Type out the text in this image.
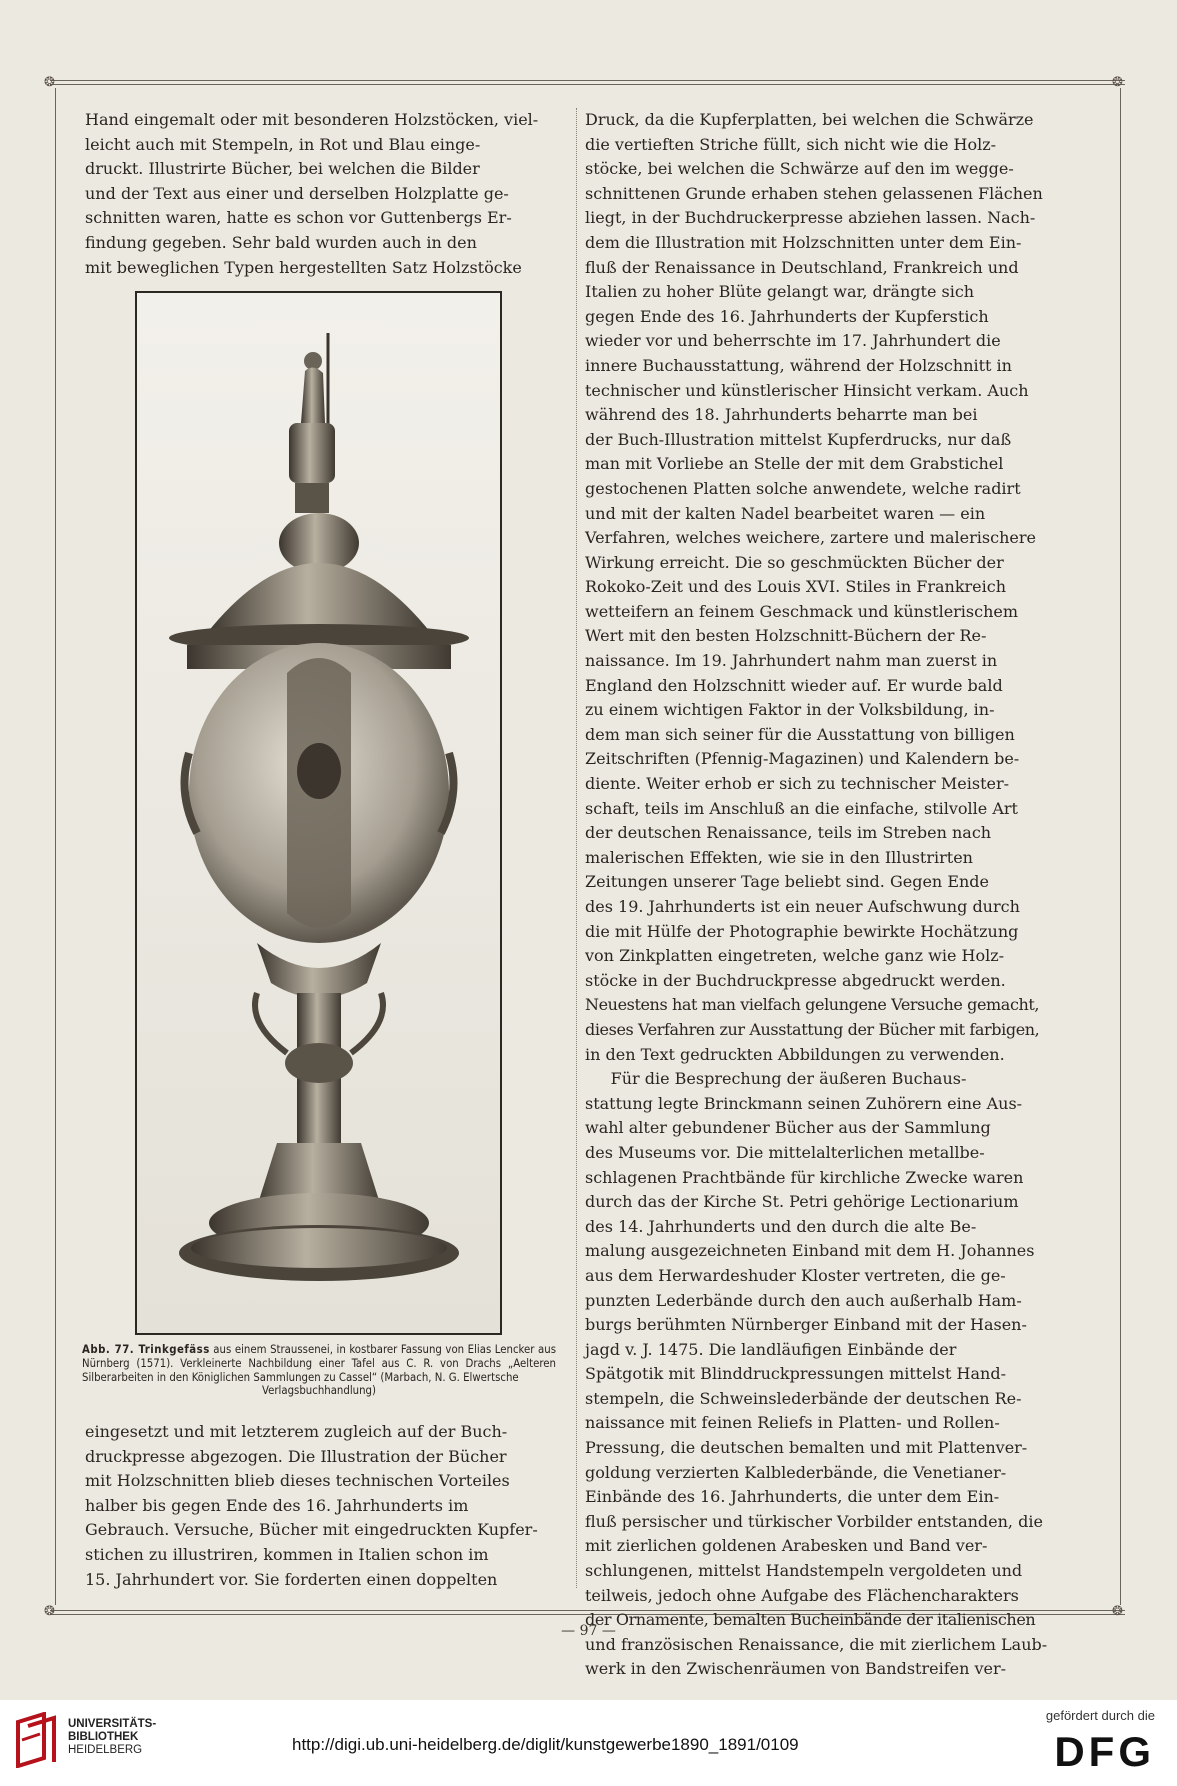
❂	❂
❂	❂
Hand eingemalt oder mit besonderen Holzstöcken, viel-
leicht auch mit Stempeln, in Rot und Blau einge-
druckt. Illustrirte Bücher, bei welchen die Bilder
und der Text aus einer und derselben Holzplatte ge-
schnitten waren, hatte es schon vor Guttenbergs Er-
findung gegeben. Sehr bald wurden auch in den
mit beweglichen Typen hergestellten Satz Holzstöcke
Abb. 77. Trinkgefäss aus einem Straussenei, in kostbarer Fassung von Elias Lencker aus Nürnberg (1571). Verkleinerte Nachbildung einer Tafel aus C. R. von Drachs „Aelteren Silberarbeiten in den Königlichen Sammlungen zu Cassel“ (Marbach, N. G. Elwertsche
Verlagsbuchhandlung)
eingesetzt und mit letzterem zugleich auf der Buch-
druckpresse abgezogen. Die Illustration der Bücher
mit Holzschnitten blieb dieses technischen Vorteiles
halber bis gegen Ende des 16. Jahrhunderts im
Gebrauch. Versuche, Bücher mit eingedruckten Kupfer-
stichen zu illustriren, kommen in Italien schon im
15. Jahrhundert vor. Sie forderten einen doppelten
Druck, da die Kupferplatten, bei welchen die Schwärze
die vertieften Striche füllt, sich nicht wie die Holz-
stöcke, bei welchen die Schwärze auf den im wegge-
schnittenen Grunde erhaben stehen gelassenen Flächen
liegt, in der Buchdruckerpresse abziehen lassen. Nach-
dem die Illustration mit Holzschnitten unter dem Ein-
fluß der Renaissance in Deutschland, Frankreich und
Italien zu hoher Blüte gelangt war, drängte sich
gegen Ende des 16. Jahrhunderts der Kupferstich
wieder vor und beherrschte im 17. Jahrhundert die
innere Buchausstattung, während der Holzschnitt in
technischer und künstlerischer Hinsicht verkam. Auch
während des 18. Jahrhunderts beharrte man bei
der Buch-Illustration mittelst Kupferdrucks, nur daß
man mit Vorliebe an Stelle der mit dem Grabstichel
gestochenen Platten solche anwendete, welche radirt
und mit der kalten Nadel bearbeitet waren — ein
Verfahren, welches weichere, zartere und malerischere
Wirkung erreicht. Die so geschmückten Bücher der
Rokoko-Zeit und des Louis XVI. Stiles in Frankreich
wetteifern an feinem Geschmack und künstlerischem
Wert mit den besten Holzschnitt-Büchern der Re-
naissance. Im 19. Jahrhundert nahm man zuerst in
England den Holzschnitt wieder auf. Er wurde bald
zu einem wichtigen Faktor in der Volksbildung, in-
dem man sich seiner für die Ausstattung von billigen
Zeitschriften (Pfennig-Magazinen) und Kalendern be-
diente. Weiter erhob er sich zu technischer Meister-
schaft, teils im Anschluß an die einfache, stilvolle Art
der deutschen Renaissance, teils im Streben nach
malerischen Effekten, wie sie in den Illustrirten
Zeitungen unserer Tage beliebt sind. Gegen Ende
des 19. Jahrhunderts ist ein neuer Aufschwung durch
die mit Hülfe der Photographie bewirkte Hochätzung
von Zinkplatten eingetreten, welche ganz wie Holz-
stöcke in der Buchdruckpresse abgedruckt werden.
Neuestens hat man vielfach gelungene Versuche gemacht,
dieses Verfahren zur Ausstattung der Bücher mit farbigen,
in den Text gedruckten Abbildungen zu verwenden.
Für die Besprechung der äußeren Buchaus-
stattung legte Brinckmann seinen Zuhörern eine Aus-
wahl alter gebundener Bücher aus der Sammlung
des Museums vor. Die mittelalterlichen metallbe-
schlagenen Prachtbände für kirchliche Zwecke waren
durch das der Kirche St. Petri gehörige Lectionarium
des 14. Jahrhunderts und den durch die alte Be-
malung ausgezeichneten Einband mit dem H. Johannes
aus dem Herwardeshuder Kloster vertreten, die ge-
punzten Lederbände durch den auch außerhalb Ham-
burgs berühmten Nürnberger Einband mit der Hasen-
jagd v. J. 1475. Die landläufigen Einbände der
Spätgotik mit Blinddruckpressungen mittelst Hand-
stempeln, die Schweinslederbände der deutschen Re-
naissance mit feinen Reliefs in Platten- und Rollen-
Pressung, die deutschen bemalten und mit Plattenver-
goldung verzierten Kalblederbände, die Venetianer-
Einbände des 16. Jahrhunderts, die unter dem Ein-
fluß persischer und türkischer Vorbilder entstanden, die
mit zierlichen goldenen Arabesken und Band ver-
schlungenen, mittelst Handstempeln vergoldeten und
teilweis, jedoch ohne Aufgabe des Flächencharakters
der Ornamente, bemalten Bucheinbände der italienischen
und französischen Renaissance, die mit zierlichem Laub-
werk in den Zwischenräumen von Bandstreifen ver-
— 97 —
UNIVERSITÄTS-
BIBLIOTHEK
HEIDELBERG	http://digi.ub.uni-heidelberg.de/diglit/kunstgewerbe1890_1891/0109
gefördert durch die
DFG
